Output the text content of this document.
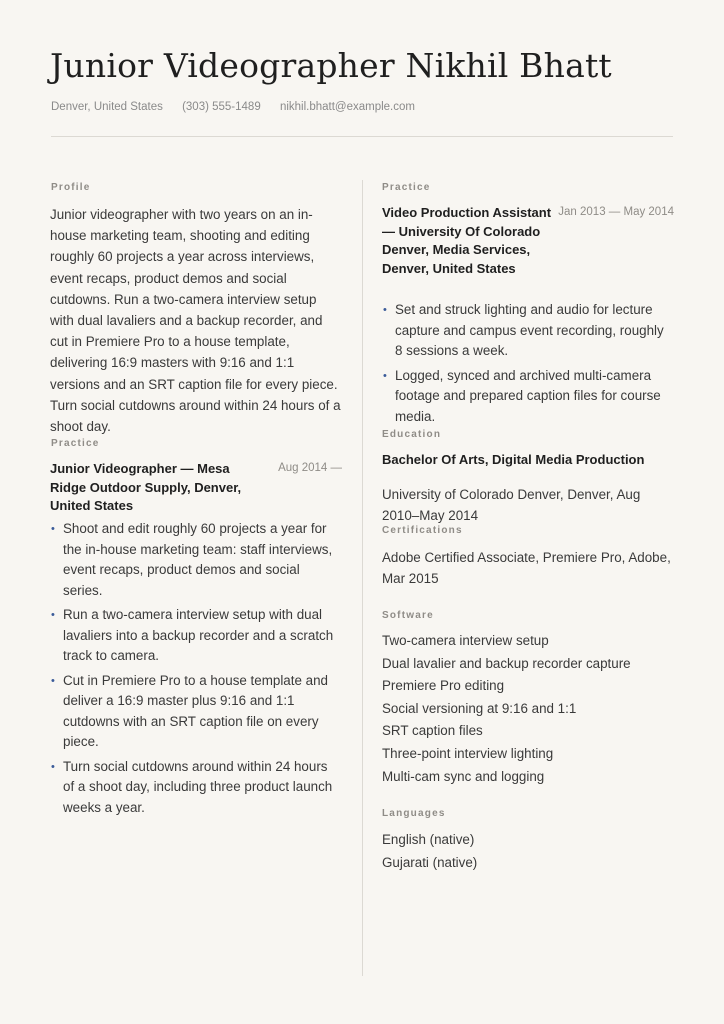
Junior Videographer Nikhil Bhatt
Denver, United States (303) 555-1489 nikhil.bhatt@example.com
Profile

Junior videographer with two years on an in-house marketing team, shooting and editing roughly 60 projects a year across interviews, event recaps, product demos and social cutdowns. Run a two-camera interview setup with dual lavaliers and a backup recorder, and cut in Premiere Pro to a house template, delivering 16:9 masters with 9:16 and 1:1 versions and an SRT caption file for every piece. Turn social cutdowns around within 24 hours of a shoot day.

Practice

Junior Videographer — Mesa Ridge Outdoor Supply, Denver, United States

Aug 2014 —
• Shoot and edit roughly 60 projects a year for the in-house marketing team: staff interviews, event recaps, product demos and social series.
• Run a two-camera interview setup with dual lavaliers into a backup recorder and a scratch track to camera.
• Cut in Premiere Pro to a house template and deliver a 16:9 master plus 9:16 and 1:1 cutdowns with an SRT caption file on every piece.
• Turn social cutdowns around within 24 hours of a shoot day, including three product launch weeks a year.
Practice

Video Production Assistant — University Of Colorado Denver, Media Services, Denver, United States

Jan 2013 — May 2014
• Set and struck lighting and audio for lecture capture and campus event recording, roughly 8 sessions a week.
• Logged, synced and archived multi-camera footage and prepared caption files for course media.
Education

Bachelor Of Arts, Digital Media Production

University of Colorado Denver, Denver, Aug 2010–May 2014

Certifications

Adobe Certified Associate, Premiere Pro, Adobe, Mar 2015

Software
Two-camera interview setup
Dual lavalier and backup recorder capture
Premiere Pro editing
Social versioning at 9:16 and 1:1
SRT caption files
Three-point interview lighting
Multi-cam sync and logging
Languages
English (native)
Gujarati (native)
